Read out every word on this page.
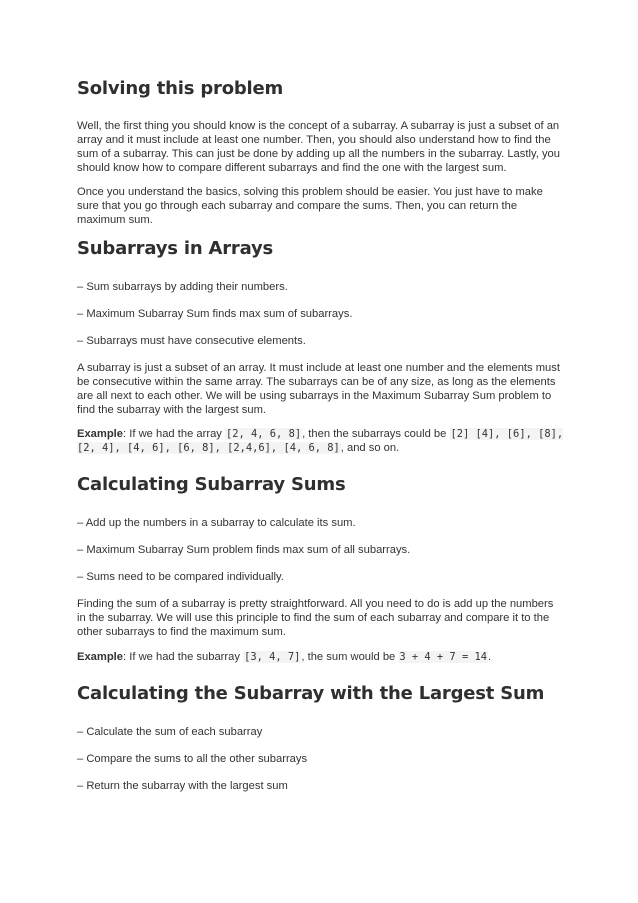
Solving this problem

Well, the first thing you should know is the concept of a subarray. A subarray is just a subset of an array and it must include at least one number. Then, you should also understand how to find the sum of a subarray. This can just be done by adding up all the numbers in the subarray. Lastly, you should know how to compare different subarrays and find the one with the largest sum.

Once you understand the basics, solving this problem should be easier. You just have to make sure that you go through each subarray and compare the sums. Then, you can return the maximum sum.

Subarrays in Arrays

– Sum subarrays by adding their numbers.

– Maximum Subarray Sum finds max sum of subarrays.

– Subarrays must have consecutive elements.

A subarray is just a subset of an array. It must include at least one number and the elements must be consecutive within the same array. The subarrays can be of any size, as long as the elements are all next to each other. We will be using subarrays in the Maximum Subarray Sum problem to find the subarray with the largest sum.

Example: If we had the array [2, 4, 6, 8], then the subarrays could be [2] [4], [6], [8], [2, 4], [4, 6], [6, 8], [2,4,6], [4, 6, 8], and so on.

Calculating Subarray Sums

– Add up the numbers in a subarray to calculate its sum.

– Maximum Subarray Sum problem finds max sum of all subarrays.

– Sums need to be compared individually.

Finding the sum of a subarray is pretty straightforward. All you need to do is add up the numbers in the subarray. We will use this principle to find the sum of each subarray and compare it to the other subarrays to find the maximum sum.

Example: If we had the subarray [3, 4, 7], the sum would be 3 + 4 + 7 = 14.

Calculating the Subarray with the Largest Sum

– Calculate the sum of each subarray

– Compare the sums to all the other subarrays

– Return the subarray with the largest sum
